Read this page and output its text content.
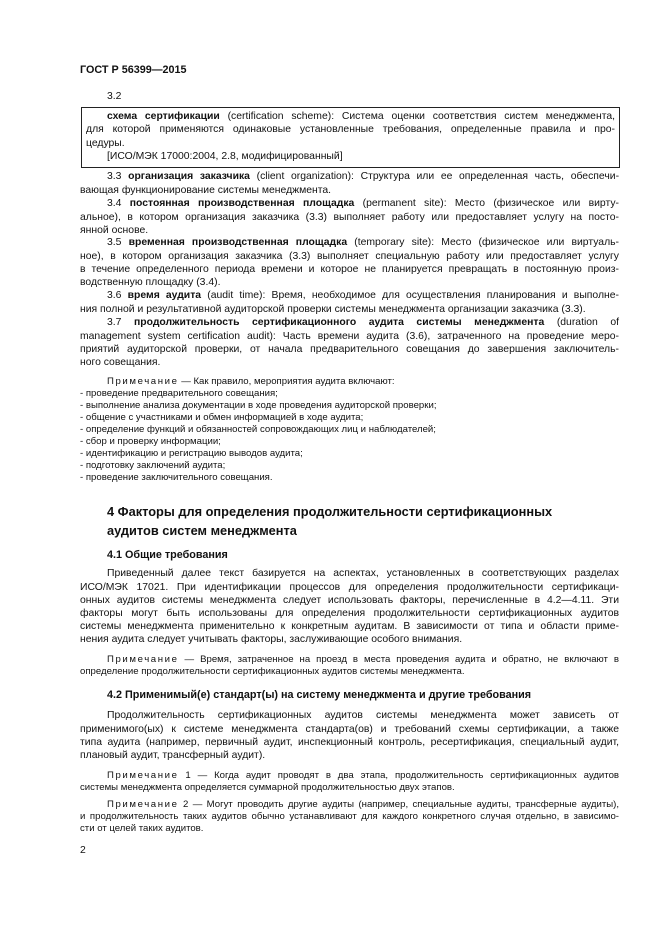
ГОСТ Р 56399—2015
3.2
схема сертификации (certification scheme): Система оценки соответствия систем менеджмента,
для которой применяются одинаковые установленные требования, определенные правила и про-
цедуры.
[ИСО/МЭК 17000:2004, 2.8, модифицированный]
3.3 организация заказчика (client organization): Структура или ее определенная часть, обеспечи-
вающая функционирование системы менеджмента.
3.4 постоянная производственная площадка (permanent site): Место (физическое или вирту-
альное), в котором организация заказчика (3.3) выполняет работу или предоставляет услугу на посто-
янной основе.
3.5 временная производственная площадка (temporary site): Место (физическое или виртуаль-
ное), в котором организация заказчика (3.3) выполняет специальную работу или предоставляет услугу
в течение определенного периода времени и которое не планируется превращать в постоянную произ-
водственную площадку (3.4).
3.6 время аудита (audit time): Время, необходимое для осуществления планирования и выполне-
ния полной и результативной аудиторской проверки системы менеджмента организации заказчика (3.3).
3.7 продолжительность сертификационного аудита системы менеджмента (duration of
management system certification audit): Часть времени аудита (3.6), затраченного на проведение меро-
приятий аудиторской проверки, от начала предварительного совещания до завершения заключитель-
ного совещания.
Примечание — Как правило, мероприятия аудита включают:
- проведение предварительного совещания;
- выполнение анализа документации в ходе проведения аудиторской проверки;
- общение с участниками и обмен информацией в ходе аудита;
- определение функций и обязанностей сопровождающих лиц и наблюдателей;
- сбор и проверку информации;
- идентификацию и регистрацию выводов аудита;
- подготовку заключений аудита;
- проведение заключительного совещания.
4 Факторы для определения продолжительности сертификационных
аудитов систем менеджмента
4.1 Общие требования
Приведенный далее текст базируется на аспектах, установленных в соответствующих разделах
ИСО/МЭК 17021. При идентификации процессов для определения продолжительности сертификаци-
онных аудитов системы менеджмента следует использовать факторы, перечисленные в 4.2—4.11. Эти
факторы могут быть использованы для определения продолжительности сертификационных аудитов
системы менеджмента применительно к конкретным аудитам. В зависимости от типа и области приме-
нения аудита следует учитывать факторы, заслуживающие особого внимания.
Примечание — Время, затраченное на проезд в места проведения аудита и обратно, не включают в
определение продолжительности сертификационных аудитов системы менеджмента.
4.2 Применимый(е) стандарт(ы) на систему менеджмента и другие требования
Продолжительность сертификационных аудитов системы менеджмента может зависеть от
применимого(ых) к системе менеджмента стандарта(ов) и требований схемы сертификации, а также
типа аудита (например, первичный аудит, инспекционный контроль, ресертификация, специальный аудит,
плановый аудит, трансферный аудит).
Примечание 1 — Когда аудит проводят в два этапа, продолжительность сертификационных аудитов
системы менеджмента определяется суммарной продолжительностью двух этапов.
Примечание 2 — Могут проводить другие аудиты (например, специальные аудиты, трансферные аудиты),
и продолжительность таких аудитов обычно устанавливают для каждого конкретного случая отдельно, в зависимо-
сти от целей таких аудитов.
2
